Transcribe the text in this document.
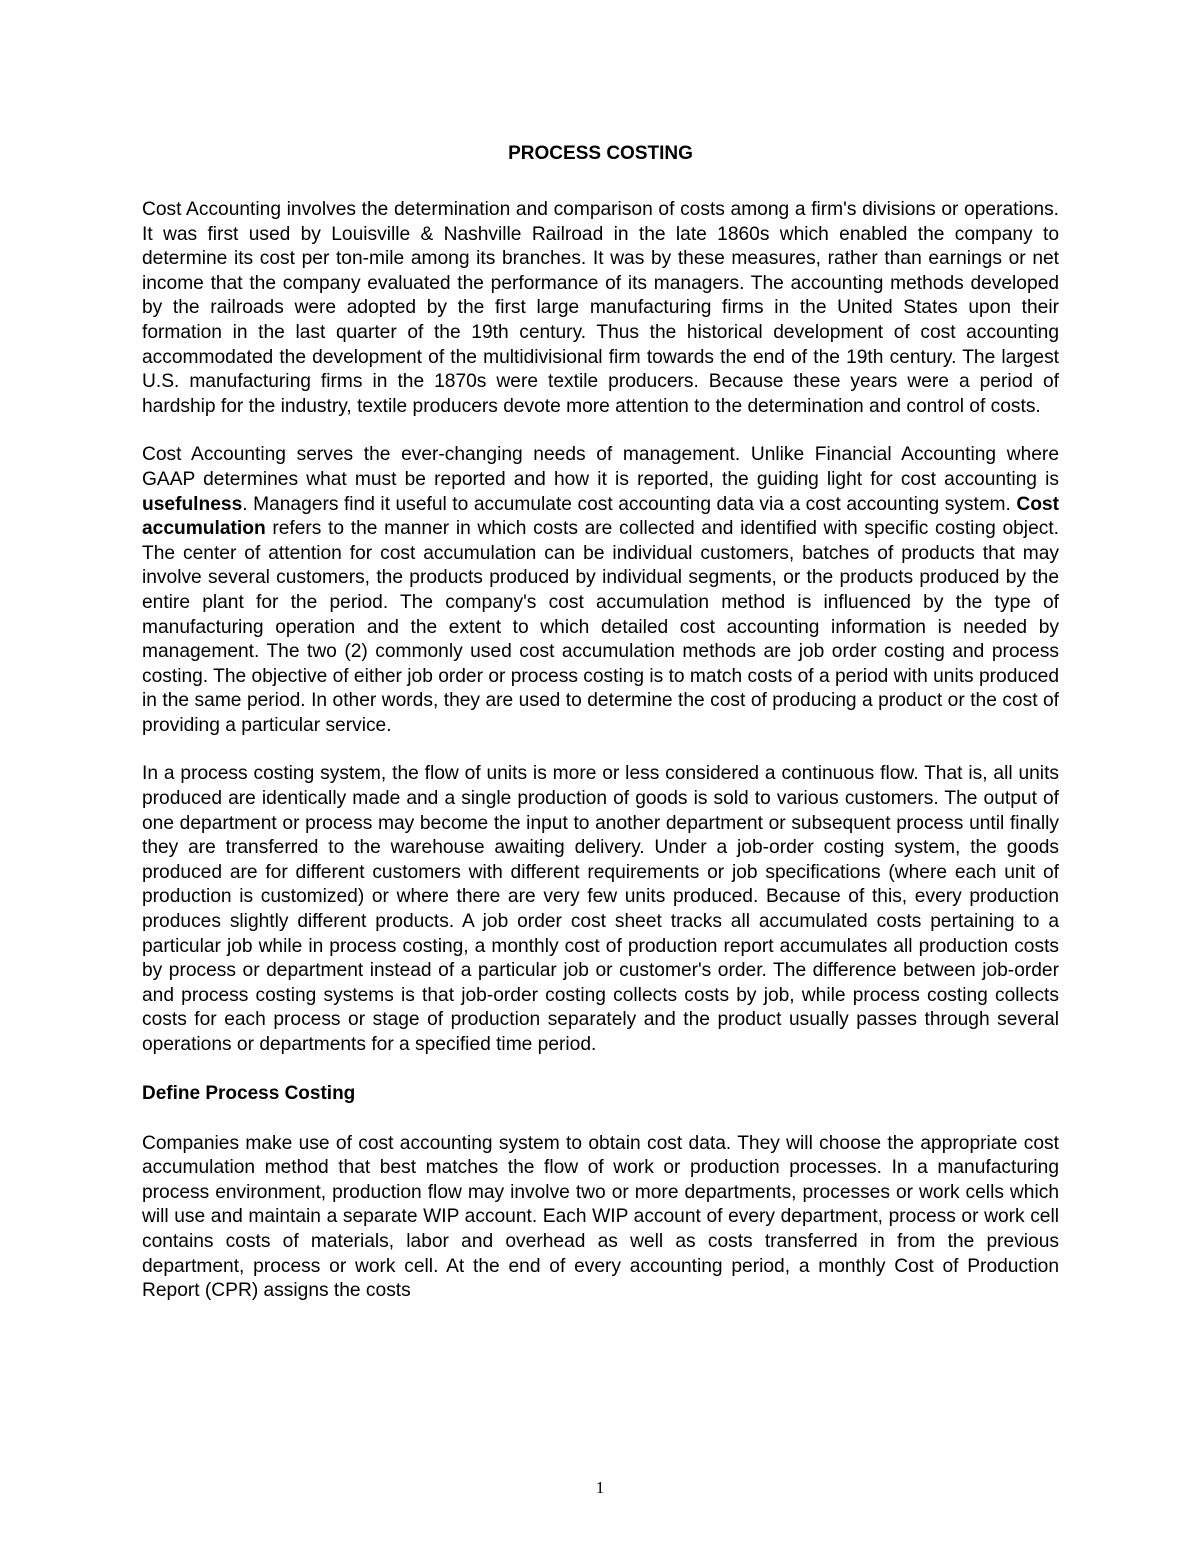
PROCESS COSTING

Cost Accounting involves the determination and comparison of costs among a firm's divisions or operations. It was first used by Louisville & Nashville Railroad in the late 1860s which enabled the company to determine its cost per ton-mile among its branches. It was by these measures, rather than earnings or net income that the company evaluated the performance of its managers. The accounting methods developed by the railroads were adopted by the first large manufacturing firms in the United States upon their formation in the last quarter of the 19th century. Thus the historical development of cost accounting accommodated the development of the multidivisional firm towards the end of the 19th century. The largest U.S. manufacturing firms in the 1870s were textile producers. Because these years were a period of hardship for the industry, textile producers devote more attention to the determination and control of costs.

Cost Accounting serves the ever-changing needs of management. Unlike Financial Accounting where GAAP determines what must be reported and how it is reported, the guiding light for cost accounting is usefulness. Managers find it useful to accumulate cost accounting data via a cost accounting system. Cost accumulation refers to the manner in which costs are collected and identified with specific costing object. The center of attention for cost accumulation can be individual customers, batches of products that may involve several customers, the products produced by individual segments, or the products produced by the entire plant for the period. The company's cost accumulation method is influenced by the type of manufacturing operation and the extent to which detailed cost accounting information is needed by management. The two (2) commonly used cost accumulation methods are job order costing and process costing. The objective of either job order or process costing is to match costs of a period with units produced in the same period. In other words, they are used to determine the cost of producing a product or the cost of providing a particular service.

In a process costing system, the flow of units is more or less considered a continuous flow. That is, all units produced are identically made and a single production of goods is sold to various customers. The output of one department or process may become the input to another department or subsequent process until finally they are transferred to the warehouse awaiting delivery. Under a job-order costing system, the goods produced are for different customers with different requirements or job specifications (where each unit of production is customized) or where there are very few units produced. Because of this, every production produces slightly different products. A job order cost sheet tracks all accumulated costs pertaining to a particular job while in process costing, a monthly cost of production report accumulates all production costs by process or department instead of a particular job or customer's order. The difference between job-order and process costing systems is that job-order costing collects costs by job, while process costing collects costs for each process or stage of production separately and the product usually passes through several operations or departments for a specified time period.

Define Process Costing

Companies make use of cost accounting system to obtain cost data. They will choose the appropriate cost accumulation method that best matches the flow of work or production processes. In a manufacturing process environment, production flow may involve two or more departments, processes or work cells which will use and maintain a separate WIP account. Each WIP account of every department, process or work cell contains costs of materials, labor and overhead as well as costs transferred in from the previous department, process or work cell. At the end of every accounting period, a monthly Cost of Production Report (CPR) assigns the costs

1
